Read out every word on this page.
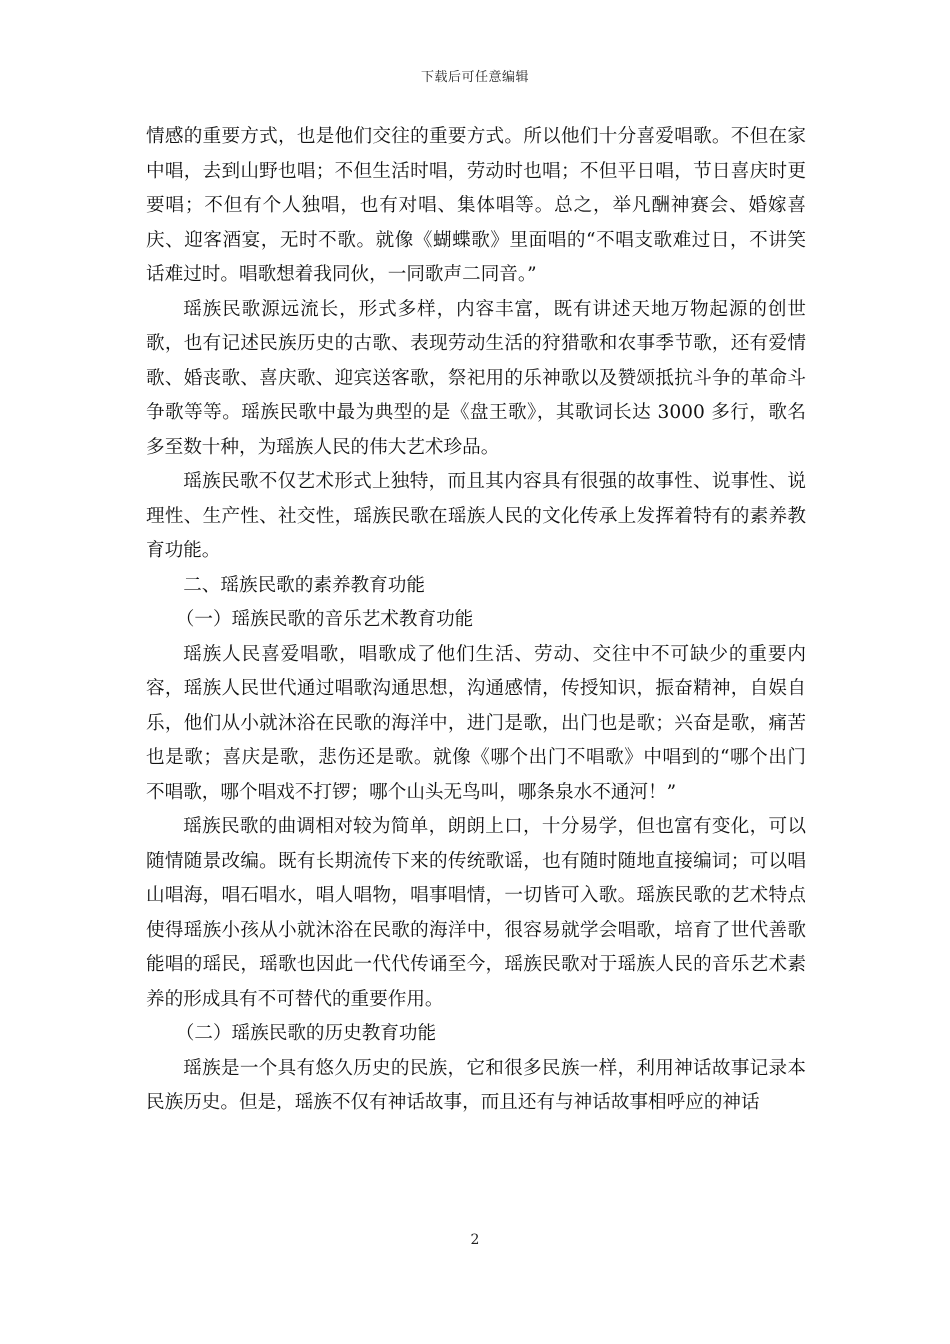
下载后可任意编辑

情感的重要方式，也是他们交往的重要方式。所以他们十分喜爱唱歌。不但在家中唱，去到山野也唱；不但生活时唱，劳动时也唱；不但平日唱，节日喜庆时更要唱；不但有个人独唱，也有对唱、集体唱等。总之，举凡酬神赛会、婚嫁喜庆、迎客酒宴，无时不歌。就像《蝴蝶歌》里面唱的“不唱支歌难过日，不讲笑话难过时。唱歌想着我同伙，一同歌声二同音。”

瑶族民歌源远流长，形式多样，内容丰富，既有讲述天地万物起源的创世歌，也有记述民族历史的古歌、表现劳动生活的狩猎歌和农事季节歌，还有爱情歌、婚丧歌、喜庆歌、迎宾送客歌，祭祀用的乐神歌以及赞颂抵抗斗争的革命斗争歌等等。瑶族民歌中最为典型的是《盘王歌》，其歌词长达 3000 多行，歌名多至数十种，为瑶族人民的伟大艺术珍品。

瑶族民歌不仅艺术形式上独特，而且其内容具有很强的故事性、说事性、说理性、生产性、社交性，瑶族民歌在瑶族人民的文化传承上发挥着特有的素养教育功能。

二、瑶族民歌的素养教育功能

（一）瑶族民歌的音乐艺术教育功能

瑶族人民喜爱唱歌，唱歌成了他们生活、劳动、交往中不可缺少的重要内容，瑶族人民世代通过唱歌沟通思想，沟通感情，传授知识，振奋精神，自娱自乐，他们从小就沐浴在民歌的海洋中，进门是歌，出门也是歌；兴奋是歌，痛苦也是歌；喜庆是歌，悲伤还是歌。就像《哪个出门不唱歌》中唱到的“哪个出门不唱歌，哪个唱戏不打锣；哪个山头无鸟叫，哪条泉水不通河！”

瑶族民歌的曲调相对较为简单，朗朗上口，十分易学，但也富有变化，可以随情随景改编。既有长期流传下来的传统歌谣，也有随时随地直接编词；可以唱山唱海，唱石唱水，唱人唱物，唱事唱情，一切皆可入歌。瑶族民歌的艺术特点使得瑶族小孩从小就沐浴在民歌的海洋中，很容易就学会唱歌，培育了世代善歌能唱的瑶民，瑶歌也因此一代代传诵至今，瑶族民歌对于瑶族人民的音乐艺术素养的形成具有不可替代的重要作用。

（二）瑶族民歌的历史教育功能

瑶族是一个具有悠久历史的民族，它和很多民族一样，利用神话故事记录本民族历史。但是，瑶族不仅有神话故事，而且还有与神话故事相呼应的神话

2
